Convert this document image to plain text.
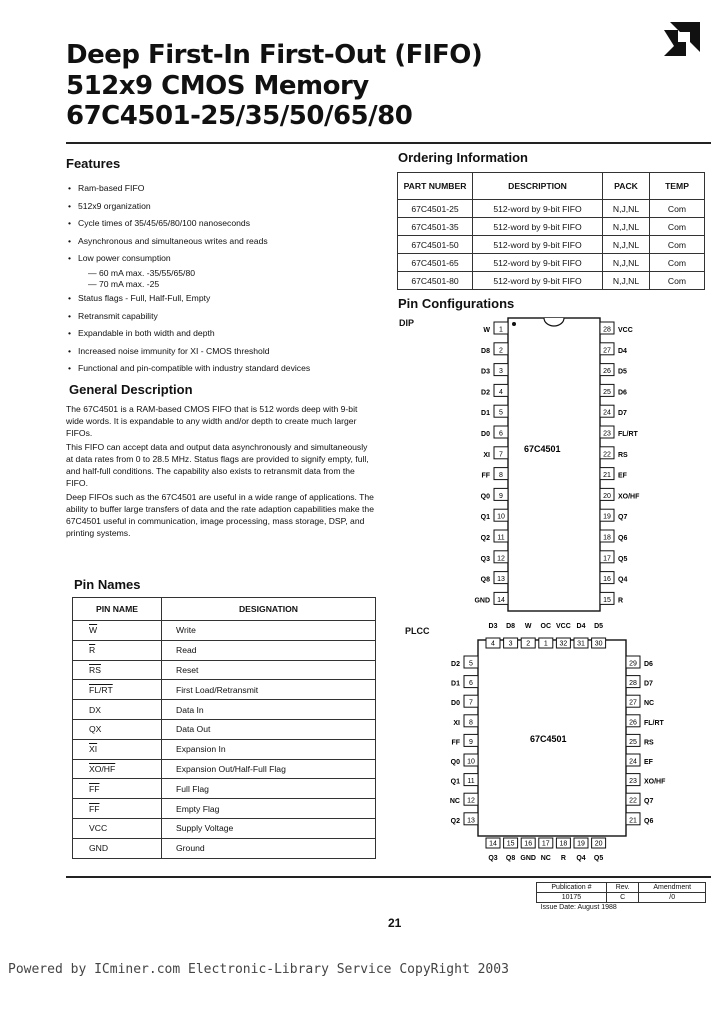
Deep First-In First-Out (FIFO)
512x9 CMOS Memory
67C4501-25/35/50/65/80
Features
• Ram-based FIFO
• 512x9 organization
• Cycle times of 35/45/65/80/100 nanoseconds
• Asynchronous and simultaneous writes and reads
• Low power consumption
— 60 mA max. -35/55/65/80
— 70 mA max. -25
• Status flags - Full, Half-Full, Empty
• Retransmit capability
• Expandable in both width and depth
• Increased noise immunity for XI - CMOS threshold
• Functional and pin-compatible with industry standard devices
General Description

The 67C4501 is a RAM-based CMOS FIFO that is 512 words deep with 9-bit wide words. It is expandable to any width and/or depth to create much larger FIFOs.

This FIFO can accept data and output data asynchronously and simultaneously at data rates from 0 to 28.5 MHz. Status flags are provided to signify empty, full, and half-full conditions. The capability also exists to retransmit data from the FIFO.

Deep FIFOs such as the 67C4501 are useful in a wide range of applications. The ability to buffer large transfers of data and the rate adaption capabilities make the 67C4501 useful in communication, image processing, mass storage, DSP, and printing systems.

Pin Names
PIN NAME	DESIGNATION
$\overline{W}$	Write
$\overline{R}$	Read
$\overline{RS}$	Reset
FL/RT	First Load/Retransmit
DX	Data In
QX	Data Out
$\overline{XI}$	Expansion In
XO/HF	Expansion Out/Half-Full Flag
$\overline{FF}$	Full Flag
$\overline{FF}$	Empty Flag
VCC	Supply Voltage
GND	Ground
Ordering Information
PART NUMBER	DESCRIPTION	PACK	TEMP
67C4501-25	512-word by 9-bit FIFO	N,J,NL	Com
67C4501-35	512-word by 9-bit FIFO	N,J,NL	Com
67C4501-50	512-word by 9-bit FIFO	N,J,NL	Com
67C4501-65	512-word by 9-bit FIFO	N,J,NL	Com
67C4501-80	512-word by 9-bit FIFO	N,J,NL	Com
Pin Configurations
DIP
PLCC
67C4501
1
W	28 VCC
2
D8	27 D4
3
D3	26 D5
4
D2	25 D6
5
D1	24 D7
6
D0	23 FL/RT
7
XI	22 RS
8
FF	21 EF
9
Q0	20 XO/HF
10
Q1	19 Q7
11
Q2	18 Q6
12
Q3	17 Q5
13
Q8	16 Q4
14
GND	15 R
67C4501
4
D3
14
Q3
3
D8
15
Q8
2
W
16
GND
1
OC
17
NC
32
VCC
18
R
31
D4
19
Q4
30
D5
20
Q5
5
D2	29 D6
6
D1	28 D7
7
D0	27 NC
8
XI	26 FL/RT
9
FF	25 RS
10
Q0	24 EF
11
Q1	23 XO/HF
12
NC	22 Q7
13
Q2	21 Q6
Publication #	Rev.	Amendment
10175	C	/0
Issue Date: August 1988		
21
Powered by ICminer.com Electronic-Library Service CopyRight 2003
